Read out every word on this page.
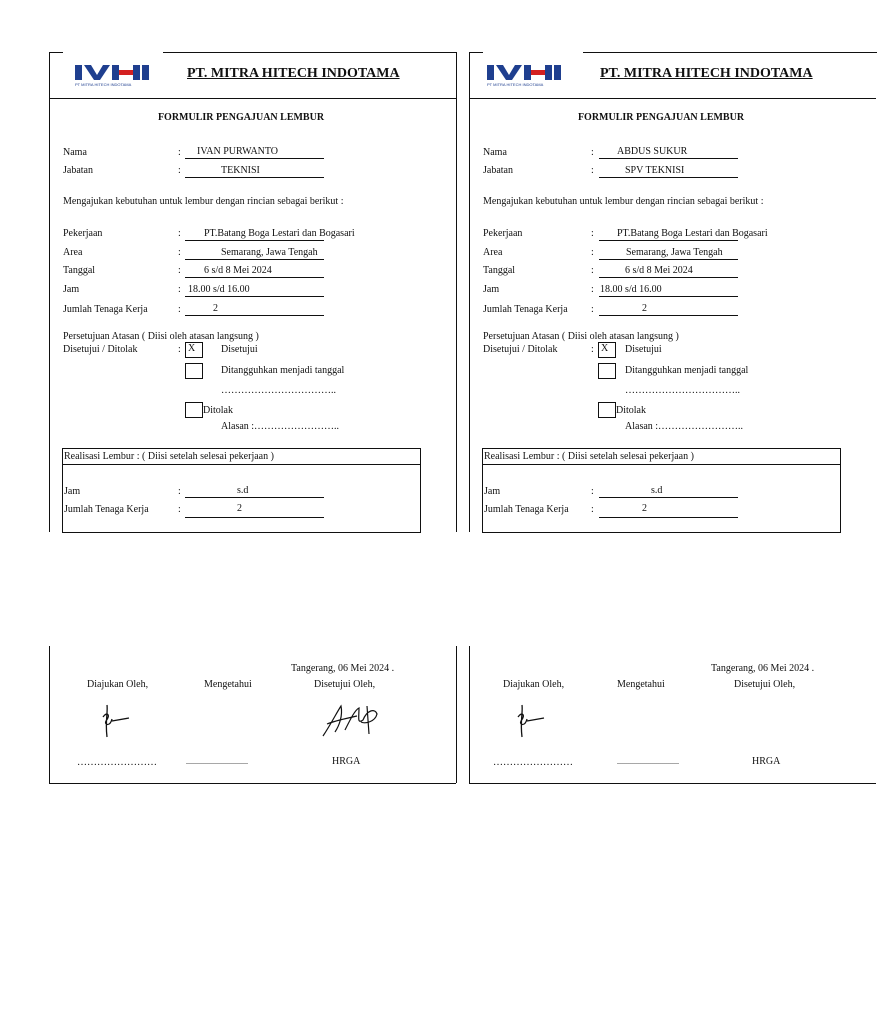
PT MITRA HITECH INDOTAMA
PT. MITRA HITECH INDOTAMA
FORMULIR PENGAJUAN LEMBUR
Nama	: IVAN PURWANTO
Jabatan	:	TEKNISI
Mengajukan kebutuhan untuk lembur dengan rincian sebagai berikut :
Pekerjaan	: PT.Batang Boga Lestari dan Bogasari
Area	:	Semarang, Jawa Tengah
Tanggal	: 6 s/d 8 Mei 2024
Jam	: 18.00 s/d 16.00
Jumlah Tenaga Kerja	:	2
Persetujuan Atasan ( Diisi oleh atasan langsung )
Disetujui / Ditolak	: X	Disetujui
Ditangguhkan menjadi tanggal
……………………………..
Ditolak
Alasan :……………………..
Realisasi Lembur : ( Diisi setelah selesai pekerjaan )
Jam	:	s.d
Jumlah Tenaga Kerja	:	2
Tangerang, 06 Mei 2024 .
Diajukan Oleh,	Mengetahui	Disetujui Oleh,
……………………	...............................	HRGA
PT MITRA HITECH INDOTAMA
PT. MITRA HITECH INDOTAMA
FORMULIR PENGAJUAN LEMBUR
Nama	: ABDUS SUKUR
Jabatan	:	SPV TEKNISI
Mengajukan kebutuhan untuk lembur dengan rincian sebagai berikut :
Pekerjaan	: PT.Batang Boga Lestari dan Bogasari
Area	:	Semarang, Jawa Tengah
Tanggal	:	6 s/d 8 Mei 2024
Jam	: 18.00 s/d 16.00
Jumlah Tenaga Kerja :	2
Persetujuan Atasan ( Diisi oleh atasan langsung )
Disetujui / Ditolak	: X	Disetujui
Ditangguhkan menjadi tanggal
……………………………..
Ditolak
Alasan :……………………..
Realisasi Lembur : ( Diisi setelah selesai pekerjaan )
Jam	:	s.d
Jumlah Tenaga Kerja :	2
Tangerang, 06 Mei 2024 .
Diajukan Oleh,	Mengetahui	Disetujui Oleh,
……………………	...............................	HRGA
